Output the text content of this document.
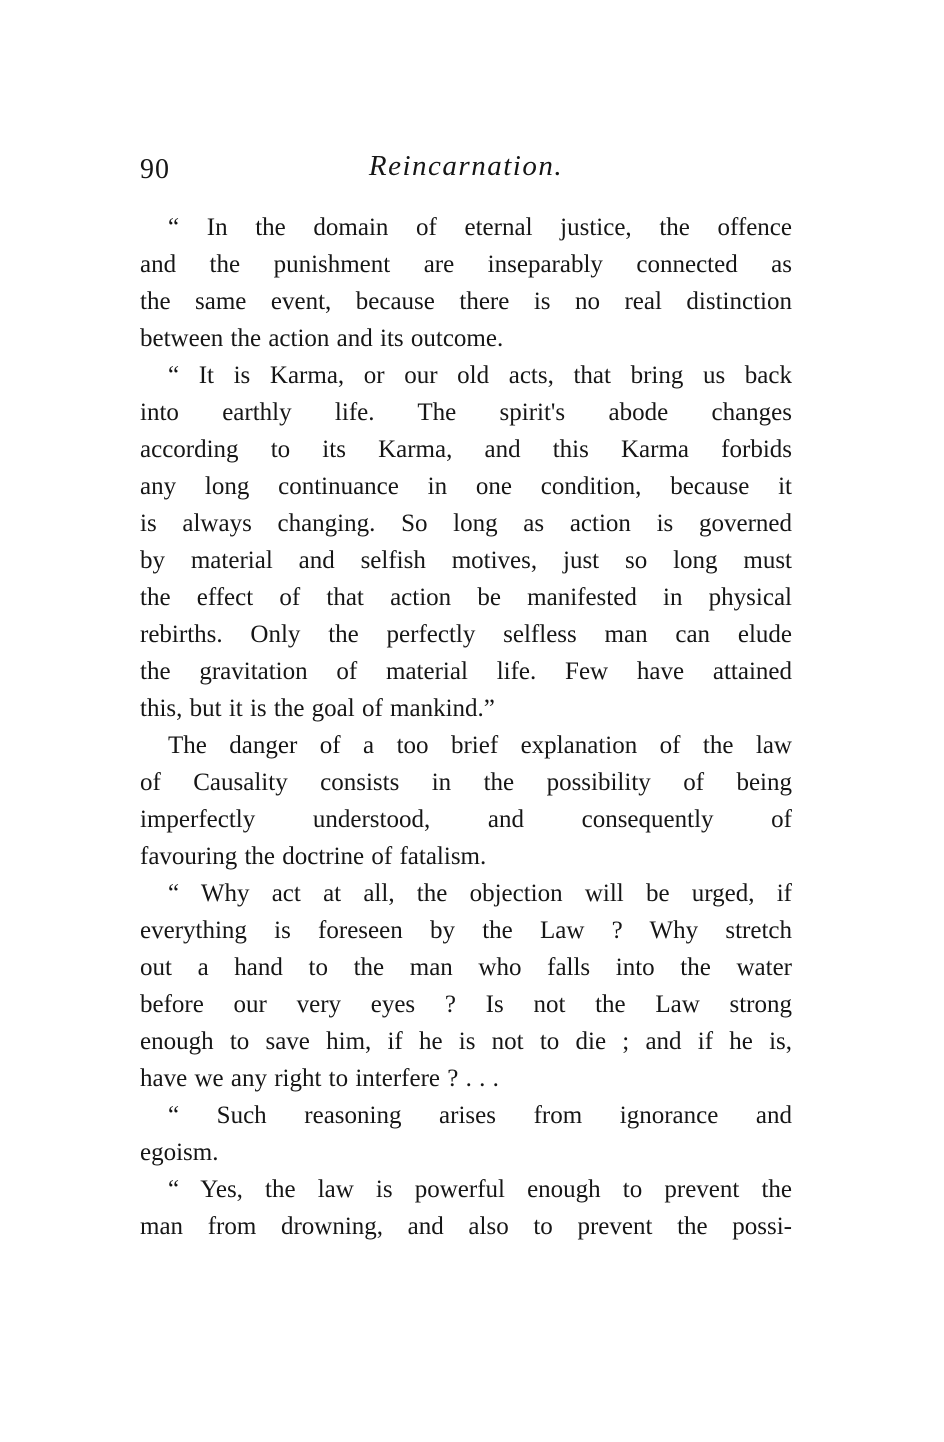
90	Reincarnation.
“ In the domain of eternal justice, the offence
and the punishment are inseparably connected as
the same event, because there is no real distinction
between the action and its outcome.
“ It is Karma, or our old acts, that bring us back
into earthly life. The spirit's abode changes
according to its Karma, and this Karma forbids
any long continuance in one condition, because it
is always changing. So long as action is governed
by material and selfish motives, just so long must
the effect of that action be manifested in physical
rebirths. Only the perfectly selfless man can elude
the gravitation of material life. Few have attained
this, but it is the goal of mankind.”
The danger of a too brief explanation of the law
of Causality consists in the possibility of being
imperfectly understood, and consequently of
favouring the doctrine of fatalism.
“ Why act at all, the objection will be urged, if
everything is foreseen by the Law ? Why stretch
out a hand to the man who falls into the water
before our very eyes ? Is not the Law strong
enough to save him, if he is not to die ; and if he is,
have we any right to interfere ? . . .
“ Such reasoning arises from ignorance and
egoism.
“ Yes, the law is powerful enough to prevent the
man from drowning, and also to prevent the possi-
